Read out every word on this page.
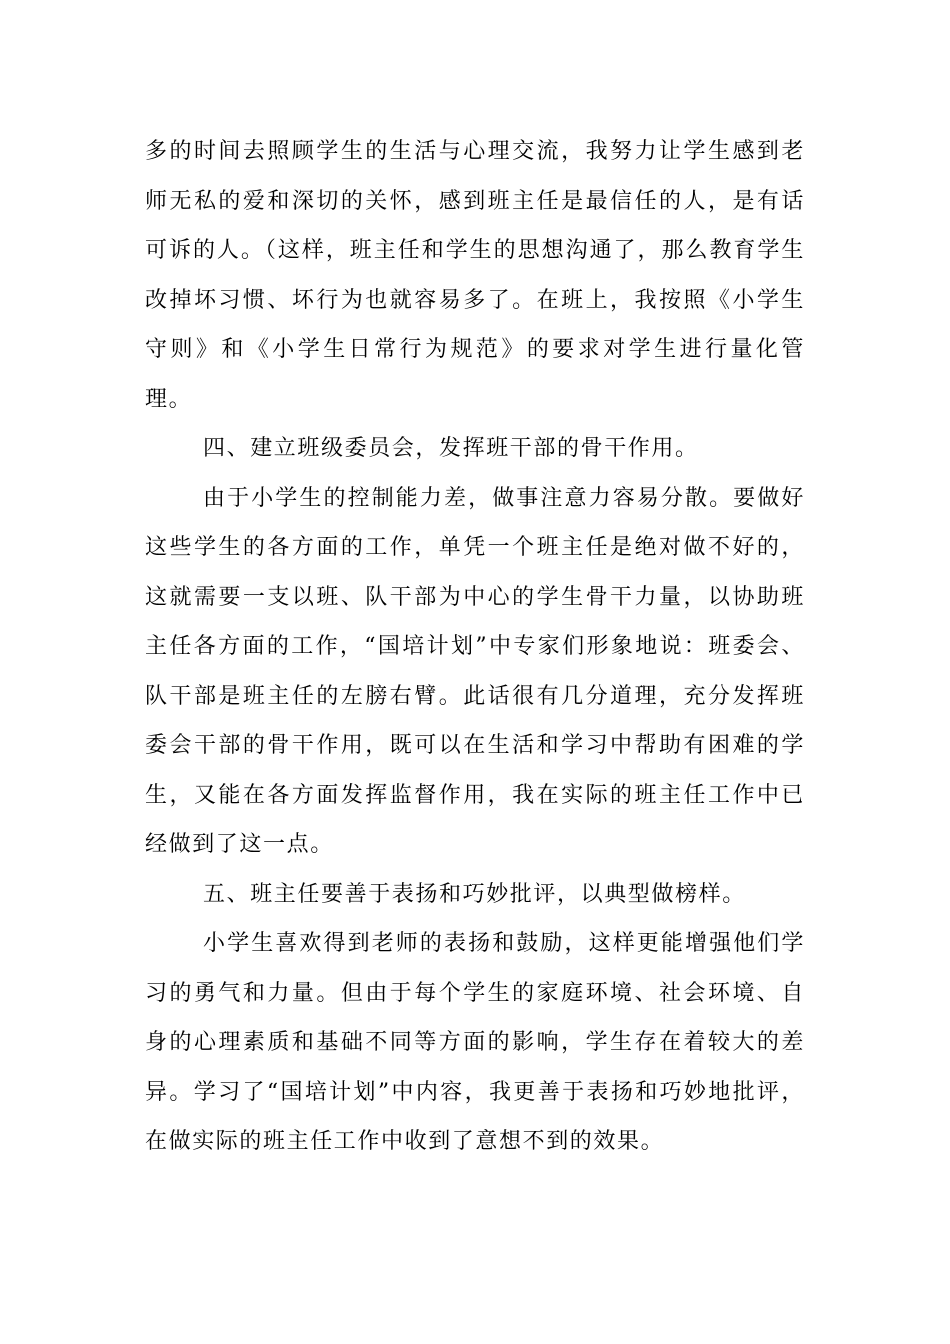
多的时间去照顾学生的生活与心理交流，我努力让学生感到老师无私的爱和深切的关怀，感到班主任是最信任的人，是有话可诉的人。（这样，班主任和学生的思想沟通了，那么教育学生改掉坏习惯、坏行为也就容易多了。在班上，我按照《小学生守则》和《小学生日常行为规范》的要求对学生进行量化管理。

四、建立班级委员会，发挥班干部的骨干作用。

由于小学生的控制能力差，做事注意力容易分散。要做好这些学生的各方面的工作，单凭一个班主任是绝对做不好的，这就需要一支以班、队干部为中心的学生骨干力量，以协助班主任各方面的工作，“国培计划”中专家们形象地说：班委会、队干部是班主任的左膀右臂。此话很有几分道理，充分发挥班委会干部的骨干作用，既可以在生活和学习中帮助有困难的学生，又能在各方面发挥监督作用，我在实际的班主任工作中已经做到了这一点。

五、班主任要善于表扬和巧妙批评，以典型做榜样。

小学生喜欢得到老师的表扬和鼓励，这样更能增强他们学习的勇气和力量。但由于每个学生的家庭环境、社会环境、自身的心理素质和基础不同等方面的影响，学生存在着较大的差异。学习了“国培计划”中内容，我更善于表扬和巧妙地批评，在做实际的班主任工作中收到了意想不到的效果。
